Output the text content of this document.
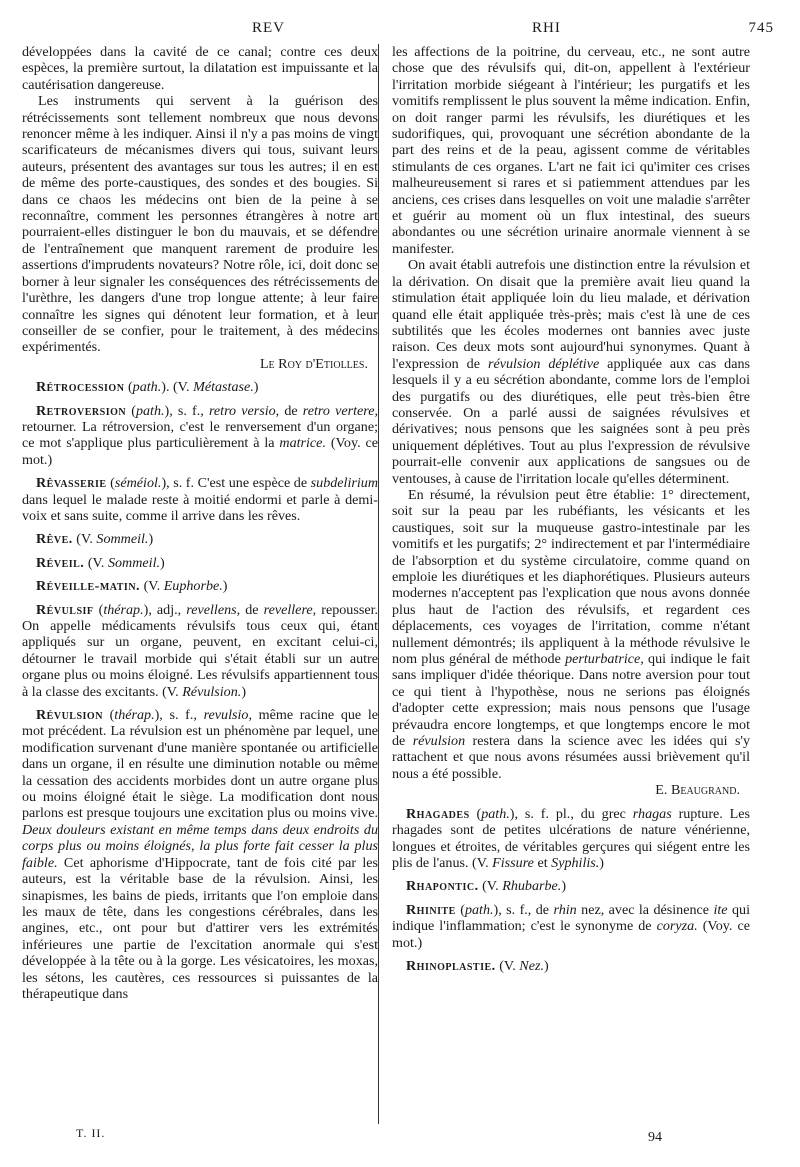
REV	RHI	745

développées dans la cavité de ce canal; contre ces deux espèces, la première surtout, la dilatation est impuissante et la cautérisation dangereuse.

Les instruments qui servent à la guérison des rétrécissements sont tellement nombreux que nous devons renoncer même à les indiquer. Ainsi il n'y a pas moins de vingt scarificateurs de mécanismes divers qui tous, suivant leurs auteurs, présentent des avantages sur tous les autres; il en est de même des porte-caustiques, des sondes et des bougies. Si dans ce chaos les médecins ont bien de la peine à se reconnaître, comment les personnes étrangères à notre art pourraient-elles distinguer le bon du mauvais, et se défendre de l'entraînement que manquent rarement de produire les assertions d'imprudents novateurs? Notre rôle, ici, doit donc se borner à leur signaler les conséquences des rétrécissements de l'urèthre, les dangers d'une trop longue attente; à leur faire connaître les signes qui dénotent leur formation, et à leur conseiller de se confier, pour le traitement, à des médecins expérimentés.

Le Roy d'Etiolles.

Rétrocession (path.). (V. Métastase.)

Retroversion (path.), s. f., retro versio, de retro vertere, retourner. La rétroversion, c'est le renversement d'un organe; ce mot s'applique plus particulièrement à la matrice. (Voy. ce mot.)

Rêvasserie (séméiol.), s. f. C'est une espèce de subdelirium dans lequel le malade reste à moitié endormi et parle à demi-voix et sans suite, comme il arrive dans les rêves.

Rêve. (V. Sommeil.)

Réveil. (V. Sommeil.)

Réveille-matin. (V. Euphorbe.)

Révulsif (thérap.), adj., revellens, de revellere, repousser. On appelle médicaments révulsifs tous ceux qui, étant appliqués sur un organe, peuvent, en excitant celui-ci, détourner le travail morbide qui s'était établi sur un autre organe plus ou moins éloigné. Les révulsifs appartiennent tous à la classe des excitants. (V. Révulsion.)

Révulsion (thérap.), s. f., revulsio, même racine que le mot précédent. La révulsion est un phénomène par lequel, une modification survenant d'une manière spontanée ou artificielle dans un organe, il en résulte une diminution notable ou même la cessation des accidents morbides dont un autre organe plus ou moins éloigné était le siège. La modification dont nous parlons est presque toujours une excitation plus ou moins vive. Deux douleurs existant en même temps dans deux endroits du corps plus ou moins éloignés, la plus forte fait cesser la plus faible. Cet aphorisme d'Hippocrate, tant de fois cité par les auteurs, est la véritable base de la révulsion. Ainsi, les sinapismes, les bains de pieds, irritants que l'on emploie dans les maux de tête, dans les congestions cérébrales, dans les angines, etc., ont pour but d'attirer vers les extrémités inférieures une partie de l'excitation anormale qui s'est développée à la tête ou à la gorge. Les vésicatoires, les moxas, les sétons, les cautères, ces ressources si puissantes de la thérapeutique dans

les affections de la poitrine, du cerveau, etc., ne sont autre chose que des révulsifs qui, dit-on, appellent à l'extérieur l'irritation morbide siégeant à l'intérieur; les purgatifs et les vomitifs remplissent le plus souvent la même indication. Enfin, on doit ranger parmi les révulsifs, les diurétiques et les sudorifiques, qui, provoquant une sécrétion abondante de la part des reins et de la peau, agissent comme de véritables stimulants de ces organes. L'art ne fait ici qu'imiter ces crises malheureusement si rares et si patiemment attendues par les anciens, ces crises dans lesquelles on voit une maladie s'arrêter et guérir au moment où un flux intestinal, des sueurs abondantes ou une sécrétion urinaire anormale viennent à se manifester.

On avait établi autrefois une distinction entre la révulsion et la dérivation. On disait que la première avait lieu quand la stimulation était appliquée loin du lieu malade, et dérivation quand elle était appliquée très-près; mais c'est là une de ces subtilités que les écoles modernes ont bannies avec juste raison. Ces deux mots sont aujourd'hui synonymes. Quant à l'expression de révulsion déplétive appliquée aux cas dans lesquels il y a eu sécrétion abondante, comme lors de l'emploi des purgatifs ou des diurétiques, elle peut très-bien être conservée. On a parlé aussi de saignées révulsives et dérivatives; nous pensons que les saignées sont à peu près uniquement déplétives. Tout au plus l'expression de révulsive pourrait-elle convenir aux applications de sangsues ou de ventouses, à cause de l'irritation locale qu'elles déterminent.

En résumé, la révulsion peut être établie: 1° directement, soit sur la peau par les rubéfiants, les vésicants et les caustiques, soit sur la muqueuse gastro-intestinale par les vomitifs et les purgatifs; 2° indirectement et par l'intermédiaire de l'absorption et du système circulatoire, comme quand on emploie les diurétiques et les diaphorétiques. Plusieurs auteurs modernes n'acceptent pas l'explication que nous avons donnée plus haut de l'action des révulsifs, et regardent ces déplacements, ces voyages de l'irritation, comme n'étant nullement démontrés; ils appliquent à la méthode révulsive le nom plus général de méthode perturbatrice, qui indique le fait sans impliquer d'idée théorique. Dans notre aversion pour tout ce qui tient à l'hypothèse, nous ne serions pas éloignés d'adopter cette expression; mais nous pensons que l'usage prévaudra encore longtemps, et que longtemps encore le mot de révulsion restera dans la science avec les idées qui s'y rattachent et que nous avons résumées aussi brièvement qu'il nous a été possible.

E. Beaugrand.

Rhagades (path.), s. f. pl., du grec rhagas rupture. Les rhagades sont de petites ulcérations de nature vénérienne, longues et étroites, de véritables gerçures qui siégent entre les plis de l'anus. (V. Fissure et Syphilis.)

Rhapontic. (V. Rhubarbe.)

Rhinite (path.), s. f., de rhin nez, avec la désinence ite qui indique l'inflammation; c'est le synonyme de coryza. (Voy. ce mot.)

Rhinoplastie. (V. Nez.)

T. II.	94
